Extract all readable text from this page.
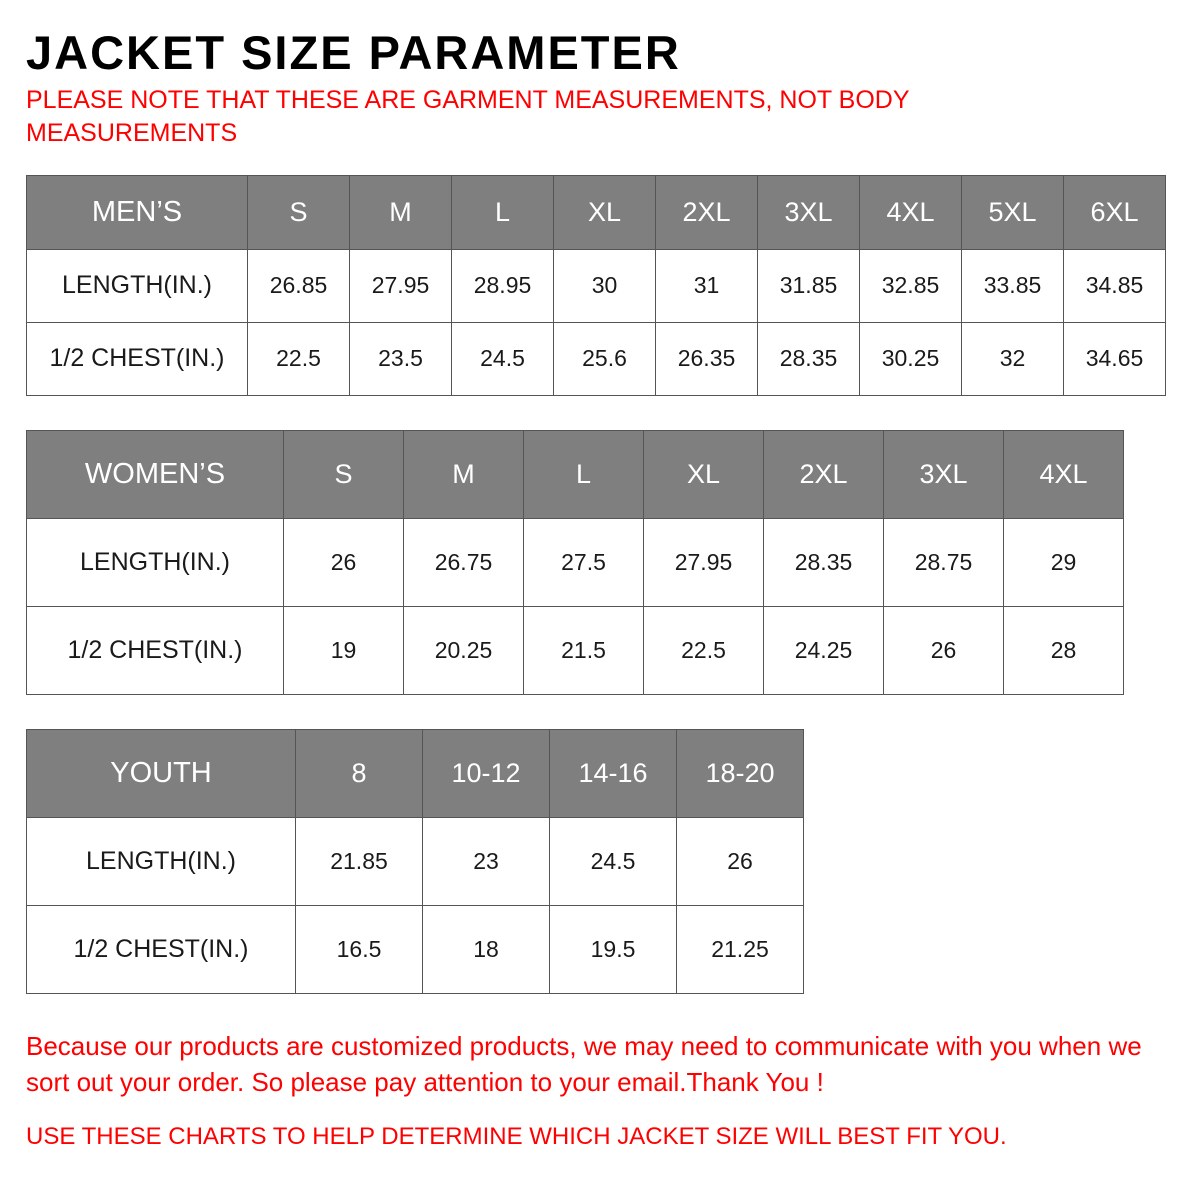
JACKET SIZE PARAMETER

PLEASE NOTE THAT THESE ARE GARMENT MEASUREMENTS, NOT BODY MEASUREMENTS

MEN’S	S	M	L	XL	2XL	3XL	4XL	5XL	6XL
LENGTH(IN.)	26.85	27.95	28.95	30	31	31.85	32.85	33.85	34.85
1/2 CHEST(IN.)	22.5	23.5	24.5	25.6	26.35	28.35	30.25	32	34.65
WOMEN’S	S	M	L	XL	2XL	3XL	4XL
LENGTH(IN.)	26	26.75	27.5	27.95	28.35	28.75	29
1/2 CHEST(IN.)	19	20.25	21.5	22.5	24.25	26	28
YOUTH	8	10-12	14-16	18-20
LENGTH(IN.)	21.85	23	24.5	26
1/2 CHEST(IN.)	16.5	18	19.5	21.25

Because our products are customized products, we may need to communicate with you when we sort out your order. So please pay attention to your email.Thank You !

USE THESE CHARTS TO HELP DETERMINE WHICH JACKET SIZE WILL BEST FIT YOU.
